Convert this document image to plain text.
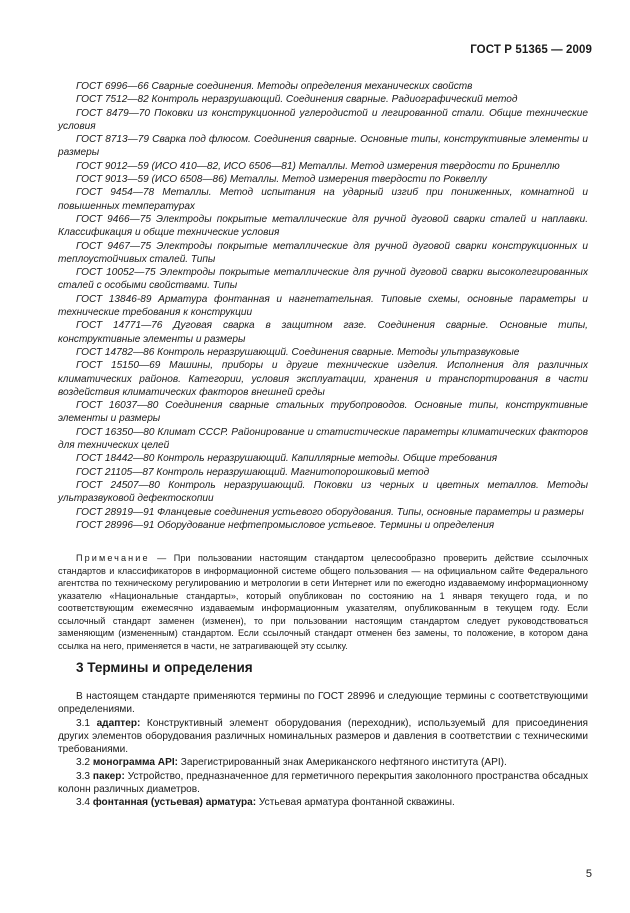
ГОСТ Р 51365 — 2009
ГОСТ 6996—66 Сварные соединения. Методы определения механических свойств
ГОСТ 7512—82 Контроль неразрушающий. Соединения сварные. Радиографический метод
ГОСТ 8479—70 Поковки из конструкционной углеродистой и легированной стали. Общие технические условия
ГОСТ 8713—79 Сварка под флюсом. Соединения сварные. Основные типы, конструктивные элементы и размеры
ГОСТ 9012—59 (ИСО 410—82, ИСО 6506—81) Металлы. Метод измерения твердости по Бринеллю
ГОСТ 9013—59 (ИСО 6508—86) Металлы. Метод измерения твердости по Роквеллу
ГОСТ 9454—78 Металлы. Метод испытания на ударный изгиб при пониженных, комнатной и повышенных температурах
ГОСТ 9466—75 Электроды покрытые металлические для ручной дуговой сварки сталей и наплавки. Классификация и общие технические условия
ГОСТ 9467—75 Электроды покрытые металлические для ручной дуговой сварки конструкционных и теплоустойчивых сталей. Типы
ГОСТ 10052—75 Электроды покрытые металлические для ручной дуговой сварки высоколегированных сталей с особыми свойствами. Типы
ГОСТ 13846-89 Арматура фонтанная и нагнетательная. Типовые схемы, основные параметры и технические требования к конструкции
ГОСТ 14771—76 Дуговая сварка в защитном газе. Соединения сварные. Основные типы, конструктивные элементы и размеры
ГОСТ 14782—86 Контроль неразрушающий. Соединения сварные. Методы ультразвуковые
ГОСТ 15150—69 Машины, приборы и другие технические изделия. Исполнения для различных климатических районов. Категории, условия эксплуатации, хранения и транспортирования в части воздействия климатических факторов внешней среды
ГОСТ 16037—80 Соединения сварные стальных трубопроводов. Основные типы, конструктивные элементы и размеры
ГОСТ 16350—80 Климат СССР. Районирование и статистические параметры климатических факторов для технических целей
ГОСТ 18442—80 Контроль неразрушающий. Капиллярные методы. Общие требования
ГОСТ 21105—87 Контроль неразрушающий. Магнитопорошковый метод
ГОСТ 24507—80 Контроль неразрушающий. Поковки из черных и цветных металлов. Методы ультразвуковой дефектоскопии
ГОСТ 28919—91 Фланцевые соединения устьевого оборудования. Типы, основные параметры и размеры
ГОСТ 28996—91 Оборудование нефтепромысловое устьевое. Термины и определения
Примечание — При пользовании настоящим стандартом целесообразно проверить действие ссылочных стандартов и классификаторов в информационной системе общего пользования — на официальном сайте Федерального агентства по техническому регулированию и метрологии в сети Интернет или по ежегодно издаваемому информационному указателю «Национальные стандарты», который опубликован по состоянию на 1 января текущего года, и по соответствующим ежемесячно издаваемым информационным указателям, опубликованным в текущем году. Если ссылочный стандарт заменен (изменен), то при пользовании настоящим стандартом следует руководствоваться заменяющим (измененным) стандартом. Если ссылочный стандарт отменен без замены, то положение, в котором дана ссылка на него, применяется в части, не затрагивающей эту ссылку.
3 Термины и определения
В настоящем стандарте применяются термины по ГОСТ 28996 и следующие термины с соответствующими определениями.
3.1 адаптер: Конструктивный элемент оборудования (переходник), используемый для присоединения других элементов оборудования различных номинальных размеров и давления в соответствии с техническими требованиями.
3.2 монограмма API: Зарегистрированный знак Американского нефтяного института (API).
3.3 пакер: Устройство, предназначенное для герметичного перекрытия заколонного пространства обсадных колонн различных диаметров.
3.4 фонтанная (устьевая) арматура: Устьевая арматура фонтанной скважины.
5
